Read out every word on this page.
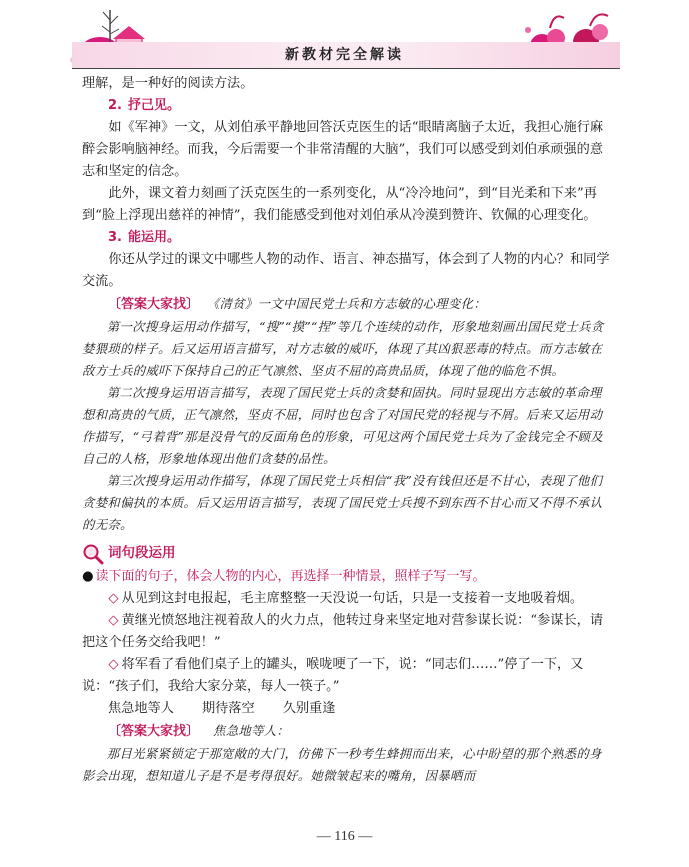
新教材完全解读

理解，是一种好的阅读方法。

2. 抒己见。

如《军神》一文，从刘伯承平静地回答沃克医生的话“眼睛离脑子太近，我担心施行麻醉会影响脑神经。而我，今后需要一个非常清醒的大脑”，我们可以感受到刘伯承顽强的意志和坚定的信念。

此外，课文着力刻画了沃克医生的一系列变化，从“冷冷地问”，到“目光柔和下来”再到“脸上浮现出慈祥的神情”，我们能感受到他对刘伯承从冷漠到赞许、钦佩的心理变化。

3. 能运用。

你还从学过的课文中哪些人物的动作、语言、神态描写，体会到了人物的内心？和同学交流。

〔答案大家找〕 《清贫》一文中国民党士兵和方志敏的心理变化：

第一次搜身运用动作描写，“搜”“摸”“捏”等几个连续的动作，形象地刻画出国民党士兵贪婪猥琐的样子。后又运用语言描写，对方志敏的威吓，体现了其凶狠恶毒的特点。而方志敏在敌方士兵的威吓下保持自己的正气凛然、坚贞不屈的高贵品质，体现了他的临危不惧。

第二次搜身运用语言描写，表现了国民党士兵的贪婪和固执。同时显现出方志敏的革命理想和高贵的气质，正气凛然，坚贞不屈，同时也包含了对国民党的轻视与不屑。后来又运用动作描写，“弓着背”那是没骨气的反面角色的形象，可见这两个国民党士兵为了金钱完全不顾及自己的人格，形象地体现出他们贪婪的品性。

第三次搜身运用动作描写，体现了国民党士兵相信“我”没有钱但还是不甘心，表现了他们贪婪和偏执的本质。后又运用语言描写，表现了国民党士兵搜不到东西不甘心而又不得不承认的无奈。

词句段运用

● 读下面的句子，体会人物的内心，再选择一种情景，照样子写一写。

◇ 从见到这封电报起，毛主席整整一天没说一句话，只是一支接着一支地吸着烟。

◇ 黄继光愤怒地注视着敌人的火力点，他转过身来坚定地对营参谋长说：“参谋长，请把这个任务交给我吧！”

◇ 将军看了看他们桌子上的罐头，喉咙哽了一下，说：“同志们……”停了一下，又说：“孩子们，我给大家分菜，每人一筷子。”

焦急地等人 期待落空 久别重逢

〔答案大家找〕 焦急地等人：

那目光紧紧锁定于那宽敞的大门，仿佛下一秒考生蜂拥而出来，心中盼望的那个熟悉的身影会出现，想知道儿子是不是考得很好。她微皱起来的嘴角，因暴晒而

— 116 —
